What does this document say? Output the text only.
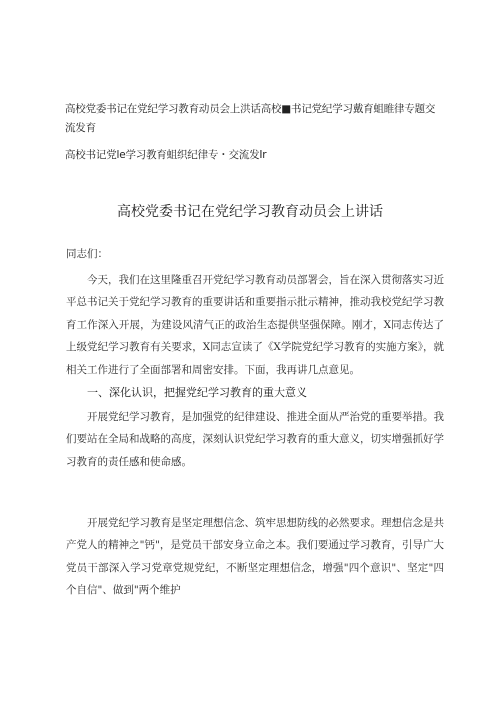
高校党委书记在党纪学习教育动员会上洪话高校■书记党纪学习戴育蛆睢律专题交流发育
高校书记党le学习教育蛆织纪律专・交流发Ir
高校党委书记在党纪学习教育动员会上讲话
同志们：

今天，我们在这里隆重召开党纪学习教育动员部署会，旨在深入贯彻落实习近平总书记关于党纪学习教育的重要讲话和重要指示批示精神，推动我校党纪学习教育工作深入开展，为建设风清气正的政治生态提供坚强保障。刚才，X同志传达了上级党纪学习教育有关要求，X同志宣读了《X学院党纪学习教育的实施方案》，就相关工作进行了全面部署和周密安排。下面，我再讲几点意见。

一、深化认识，把握党纪学习教育的重大意义

开展党纪学习教育，是加强党的纪律建设、推进全面从严治党的重要举措。我们要站在全局和战略的高度，深刻认识党纪学习教育的重大意义，切实增强抓好学习教育的责任感和使命感。

开展党纪学习教育是坚定理想信念、筑牢思想防线的必然要求。理想信念是共产党人的精神之"钙"，是党员干部安身立命之本。我们要通过学习教育，引导广大党员干部深入学习党章党规党纪，不断坚定理想信念，增强"四个意识"、坚定"四个自信"、做到"两个维护
